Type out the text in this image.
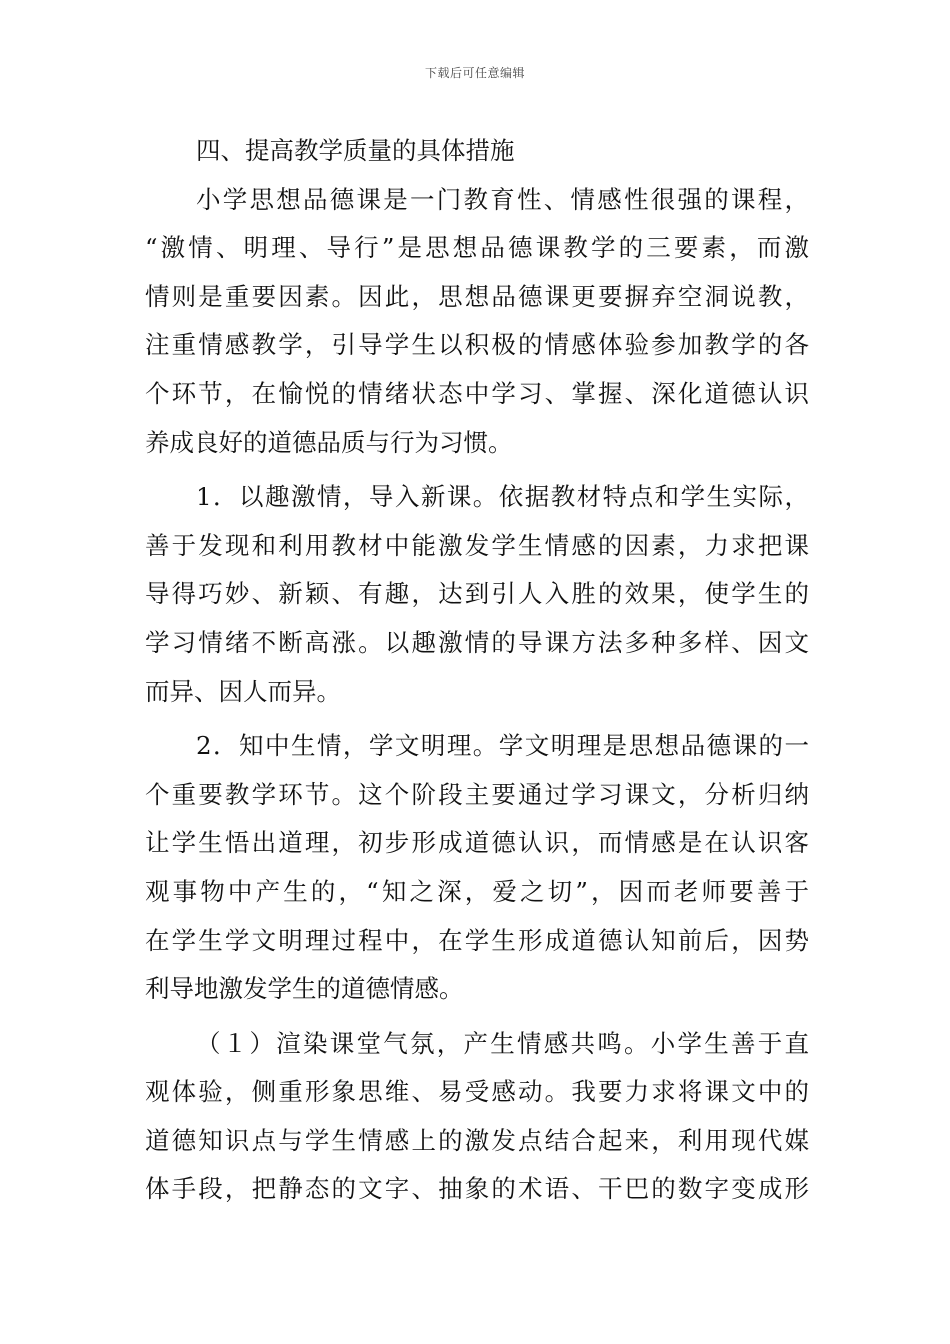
下载后可任意编辑
四、提高教学质量的具体措施
小学思想品德课是一门教育性、情感性很强的课程，
“激情、明理、导行”是思想品德课教学的三要素，而激
情则是重要因素。因此，思想品德课更要摒弃空洞说教，
注重情感教学，引导学生以积极的情感体验参加教学的各
个环节，在愉悦的情绪状态中学习、掌握、深化道德认识
养成良好的道德品质与行为习惯。
1．以趣激情，导入新课。依据教材特点和学生实际，
善于发现和利用教材中能激发学生情感的因素，力求把课
导得巧妙、新颖、有趣，达到引人入胜的效果，使学生的
学习情绪不断高涨。以趣激情的导课方法多种多样、因文
而异、因人而异。
2．知中生情，学文明理。学文明理是思想品德课的一
个重要教学环节。这个阶段主要通过学习课文，分析归纳
让学生悟出道理，初步形成道德认识，而情感是在认识客
观事物中产生的，“知之深，爱之切”，因而老师要善于
在学生学文明理过程中，在学生形成道德认知前后，因势
利导地激发学生的道德情感。
（１）渲染课堂气氛，产生情感共鸣。小学生善于直
观体验，侧重形象思维、易受感动。我要力求将课文中的
道德知识点与学生情感上的激发点结合起来，利用现代媒
体手段，把静态的文字、抽象的术语、干巴的数字变成形
